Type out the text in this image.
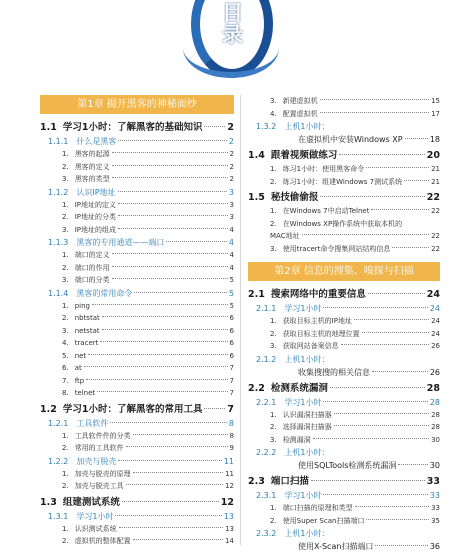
目
录
第1章 揭开黑客的神秘面纱
1.1 学习1小时：了解黑客的基础知识	2
1.1.1 什么是黑客	2
1. 黑客的起源	2
2. 黑客的定义	2
3. 黑客的类型	2
1.1.2 认识IP地址	3
1. IP地址的定义	3
2. IP地址的分类	3
3. IP地址的组成	4
1.1.3 黑客的专用通道——端口	4
1. 端口的定义	4
2. 端口的作用	4
3. 端口的分类	5
1.1.4 黑客的常用命令	5
1. ping	5
2. nbtstat	6
3. netstat	6
4. tracert	6
5. net	6
6. at	7
7. ftp	7
8. telnet	7
1.2 学习1小时：了解黑客的常用工具	7
1.2.1 工具软件	8
1. 工具软件件的分类	8
2. 常用的工具软件	9
1.2.2 加壳与脱壳	11
1. 加壳与脱壳的原理	11
2. 加壳与脱壳工具	12
1.3 组建测试系统	12
1.3.1 学习1小时	13
1. 认识测试系统	13
2. 虚拟机的整体配置	14
3. 新建虚拟机	15
4. 配置虚拟机	17
1.3.2 上机1小时：
在虚拟机中安装Windows XP	18
1.4 跟着视频做练习	20
1. 练习1小时：使用黑客命令	21
2. 练习1小时：组建Windows 7测试系统	21
1.5 秘技偷偷报	22
1. 在Windows 7中启动Telnet	22
2. 在Windows XP操作系统中获取本机的
MAC地址	22
3. 使用tracert命令搜集网站结构信息	22
第2章 信息的搜集、嗅探与扫描
2.1 搜索网络中的重要信息	24
2.1.1 学习1小时	24
1. 获取目标主机的IP地址	24
2. 获取目标主机的地理位置	24
3. 获取网站备案信息	26
2.1.2 上机1小时：
收集搜搜的相关信息	26
2.2 检测系统漏洞	28
2.2.1 学习1小时	28
1. 认识漏洞扫描器	28
2. 选择漏洞扫描器	28
3. 检测漏洞	30
2.2.2 上机1小时：
使用SQLTools检测系统漏洞	30
2.3 端口扫描	33
2.3.1 学习1小时	33
1. 端口扫描的原理和类型	33
2. 使用Super Scan扫描端口	35
2.3.2 上机1小时：
使用X-Scan扫描端口	36
